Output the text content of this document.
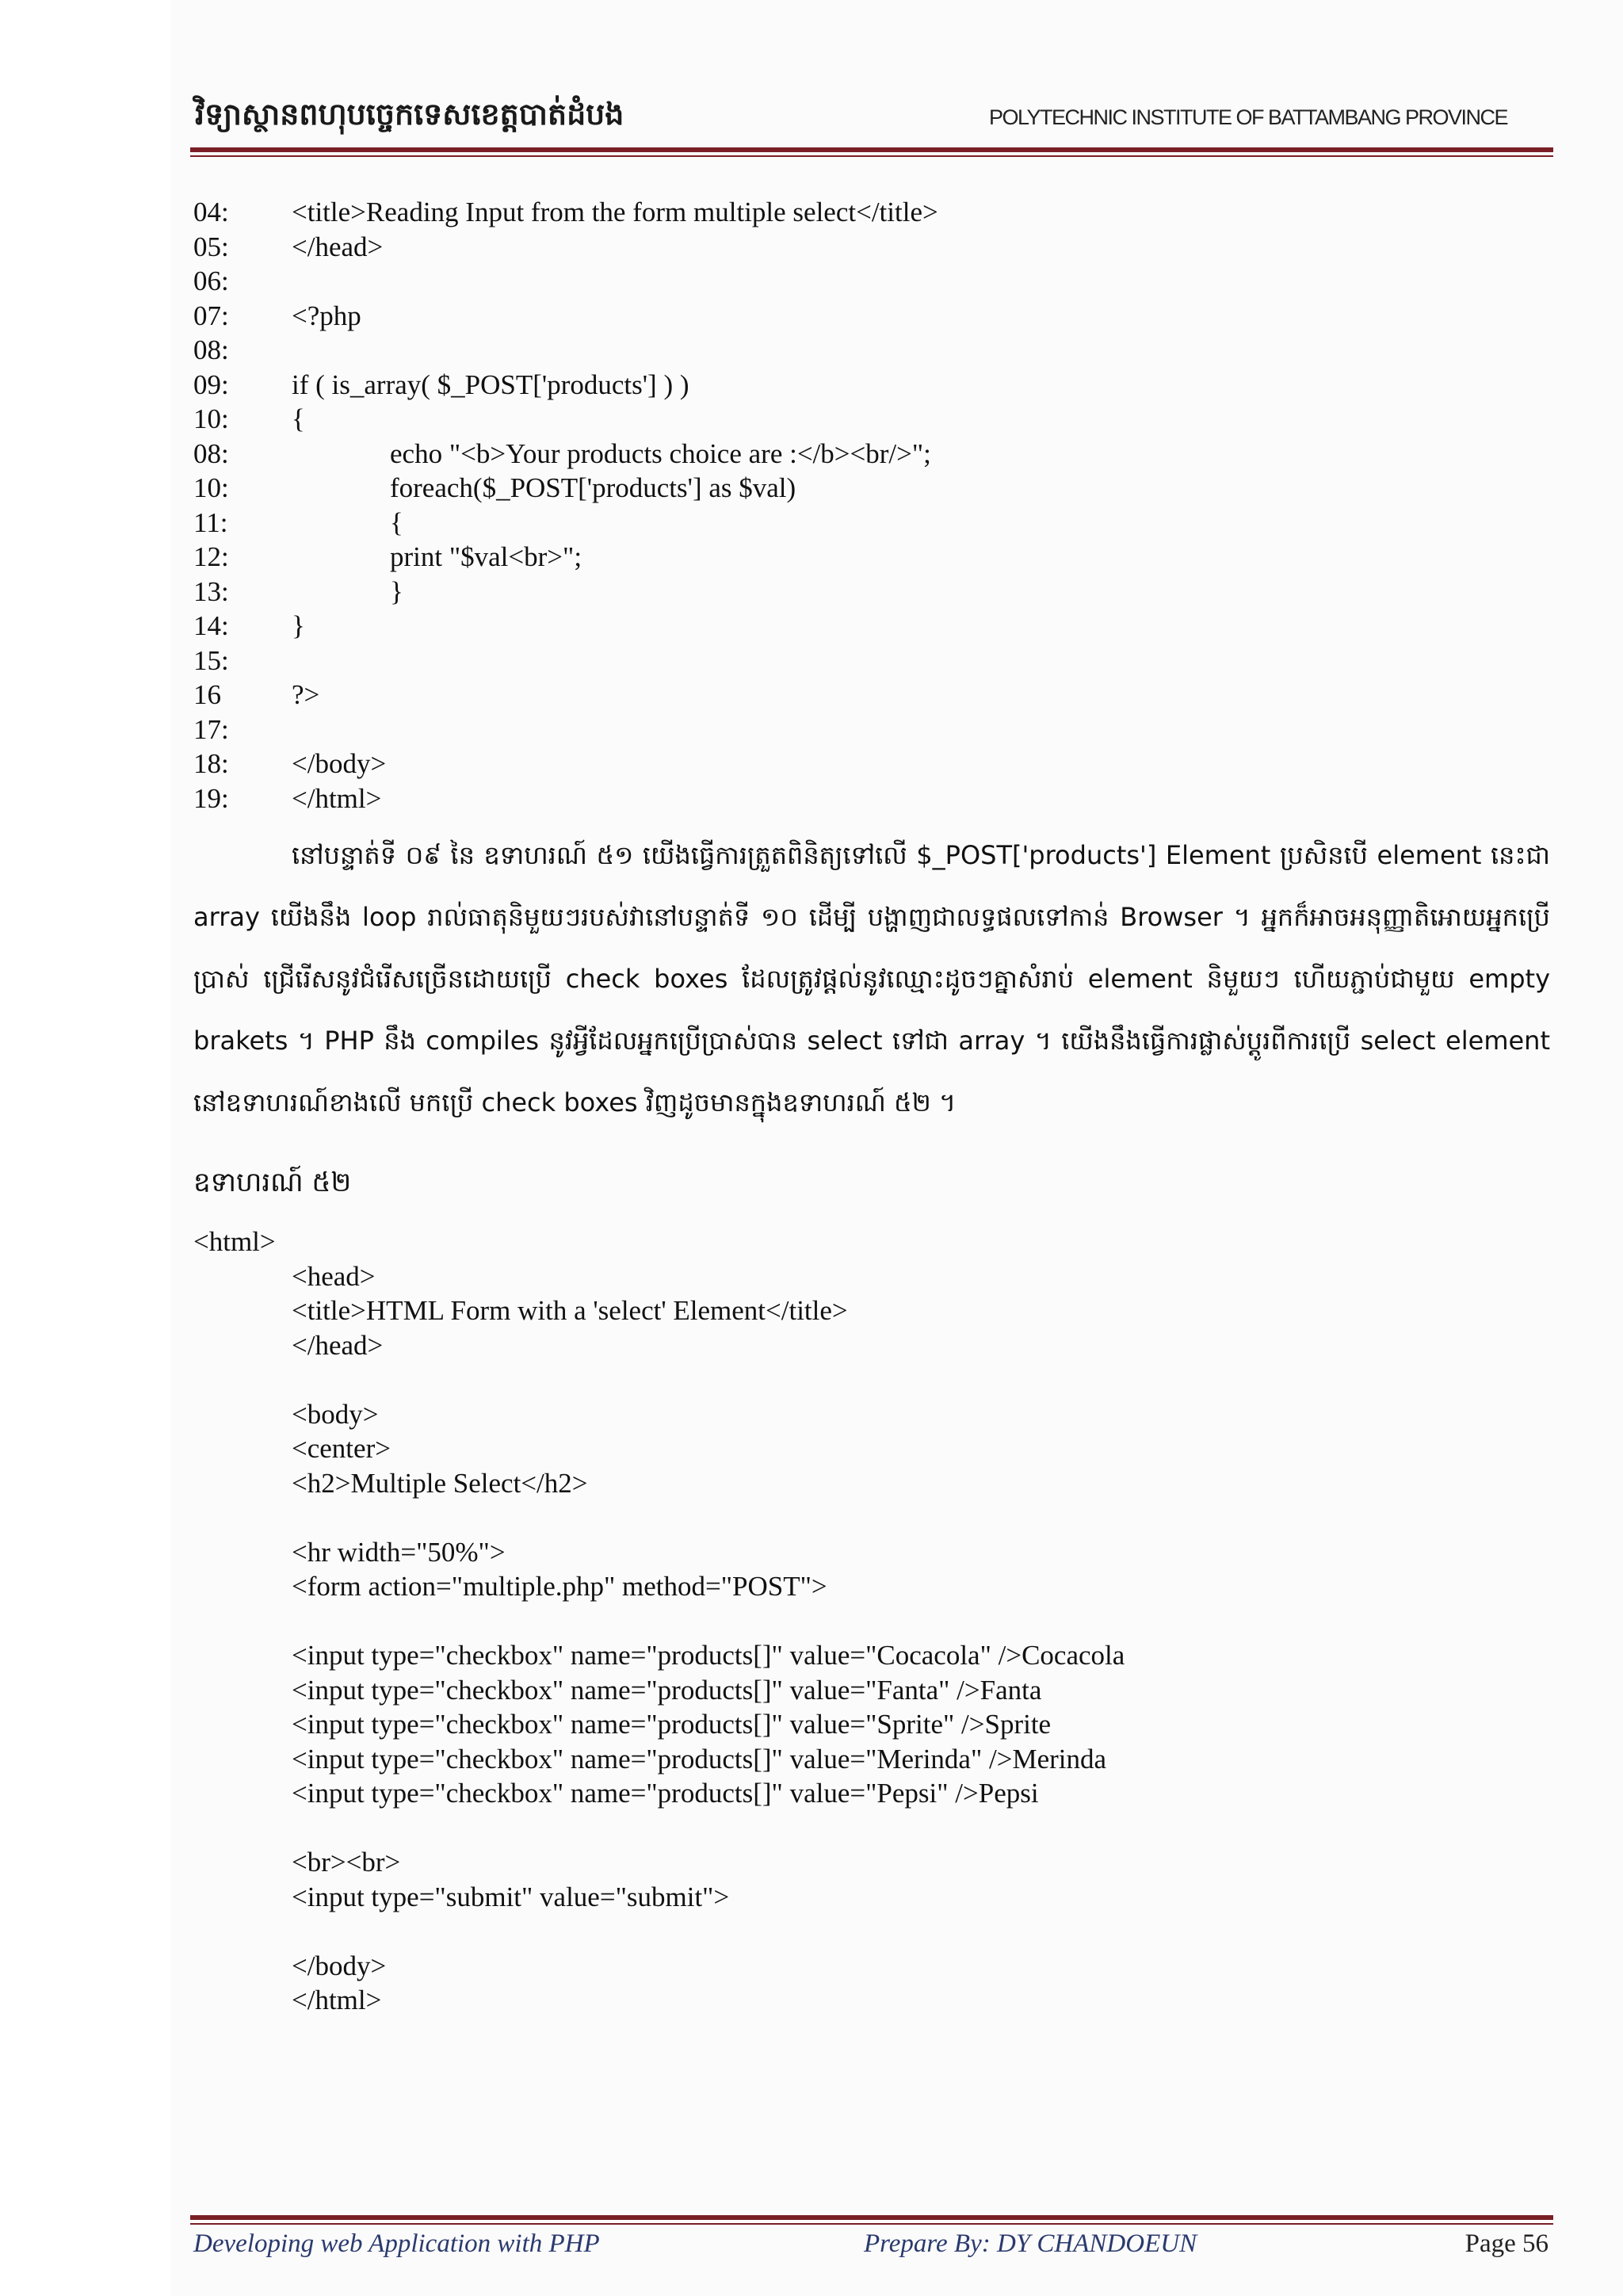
វិទ្យាស្ថានពហុបច្ចេកទេសខេត្តបាត់ដំបង	POLYTECHNIC INSTITUTE OF BATTAMBANG PROVINCE
04: <title>Reading Input from the form multiple select</title>
05: </head>
06:
07: <?php
08:
09: if ( is_array( $_POST['products'] ) )
10: {
08:	echo "<b>Your products choice are :</b><br/>";
10:	foreach($_POST['products'] as $val)
11:	{
12:	print "$val<br>";
13:	}
14: }
15:
16	?>
17:
18: </body>
19: </html>
នៅបន្ទាត់ទី ០៩ នៃ ឧទាហរណ៍ ៥១ យើងធ្វើការត្រួតពិនិត្យទៅលើ $_POST['products'] Element ប្រសិនបើ element នេះជា array យើងនឹង loop រាល់ធាតុនិមួយៗរបស់វានៅបន្ទាត់ទី ១០ ដើម្បី បង្ហាញជាលទ្ធផលទៅកាន់ Browser ។ អ្នកក៏អាចអនុញ្ញាតិអោយអ្នកប្រើប្រាស់ ជ្រើរើសនូវជំរើសច្រើនដោយប្រើ check boxes ដែលត្រូវផ្តល់នូវឈ្មោះដូចៗគ្នាសំរាប់ element និមួយៗ ហើយភ្ជាប់ជាមួយ empty brakets ។ PHP នឹង compiles នូវអ្វីដែលអ្នកប្រើប្រាស់បាន select ទៅជា array ។ យើងនឹងធ្វើការផ្លាស់ប្តូរពីការប្រើ select element នៅឧទាហរណ៍ខាងលើ មកប្រើ check boxes វិញដូចមានក្នុងឧទាហរណ៍ ៥២ ។
ឧទាហរណ៍ ៥២
<html>
<head>
<title>HTML Form with a 'select' Element</title>
</head>
<body>
<center>
<h2>Multiple Select</h2>
<hr width="50%">
<form action="multiple.php" method="POST">
<input type="checkbox" name="products[]" value="Cocacola" />Cocacola
<input type="checkbox" name="products[]" value="Fanta" />Fanta
<input type="checkbox" name="products[]" value="Sprite" />Sprite
<input type="checkbox" name="products[]" value="Merinda" />Merinda
<input type="checkbox" name="products[]" value="Pepsi" />Pepsi
<br><br>
<input type="submit" value="submit">
</body>
</html>
Developing web Application with PHP	Prepare By: DY CHANDOEUN	Page 56
